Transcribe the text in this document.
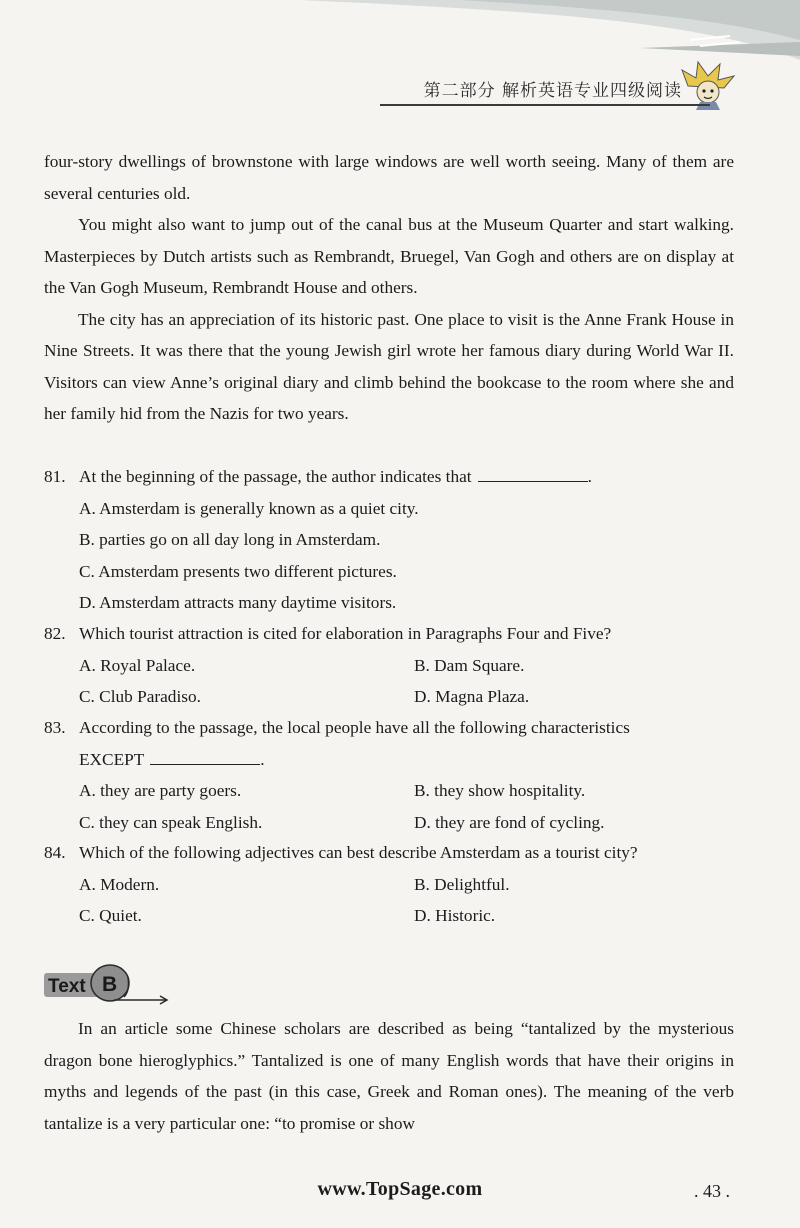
第二部分 解析英语专业四级阅读

four-story dwellings of brownstone with large windows are well worth seeing. Many of them are several centuries old.

You might also want to jump out of the canal bus at the Museum Quarter and start walking. Masterpieces by Dutch artists such as Rembrandt, Bruegel, Van Gogh and others are on display at the Van Gogh Museum, Rembrandt House and others.

The city has an appreciation of its historic past. One place to visit is the Anne Frank House in Nine Streets. It was there that the young Jewish girl wrote her famous diary during World War II. Visitors can view Anne’s original diary and climb behind the bookcase to the room where she and her family hid from the Nazis for two years.

81. At the beginning of the passage, the author indicates that	.
A. Amsterdam is generally known as a quiet city.
B. parties go on all day long in Amsterdam.
C. Amsterdam presents two different pictures.
D. Amsterdam attracts many daytime visitors.
82. Which tourist attraction is cited for elaboration in Paragraphs Four and Five?
A. Royal Palace.	B. Dam Square.
C. Club Paradiso.	D. Magna Plaza.
83. According to the passage, the local people have all the following characteristics
EXCEPT	.
A. they are party goers.	B. they show hospitality.
C. they can speak English.	D. they are fond of cycling.
84. Which of the following adjectives can best describe Amsterdam as a tourist city?
A. Modern.	B. Delightful.
C. Quiet.	D. Historic.
Text B

In an article some Chinese scholars are described as being “tantalized by the mysterious dragon bone hieroglyphics.” Tantalized is one of many English words that have their origins in myths and legends of the past (in this case, Greek and Roman ones). The meaning of the verb tantalize is a very particular one: “to promise or show

www.TopSage.com	. 43 .
